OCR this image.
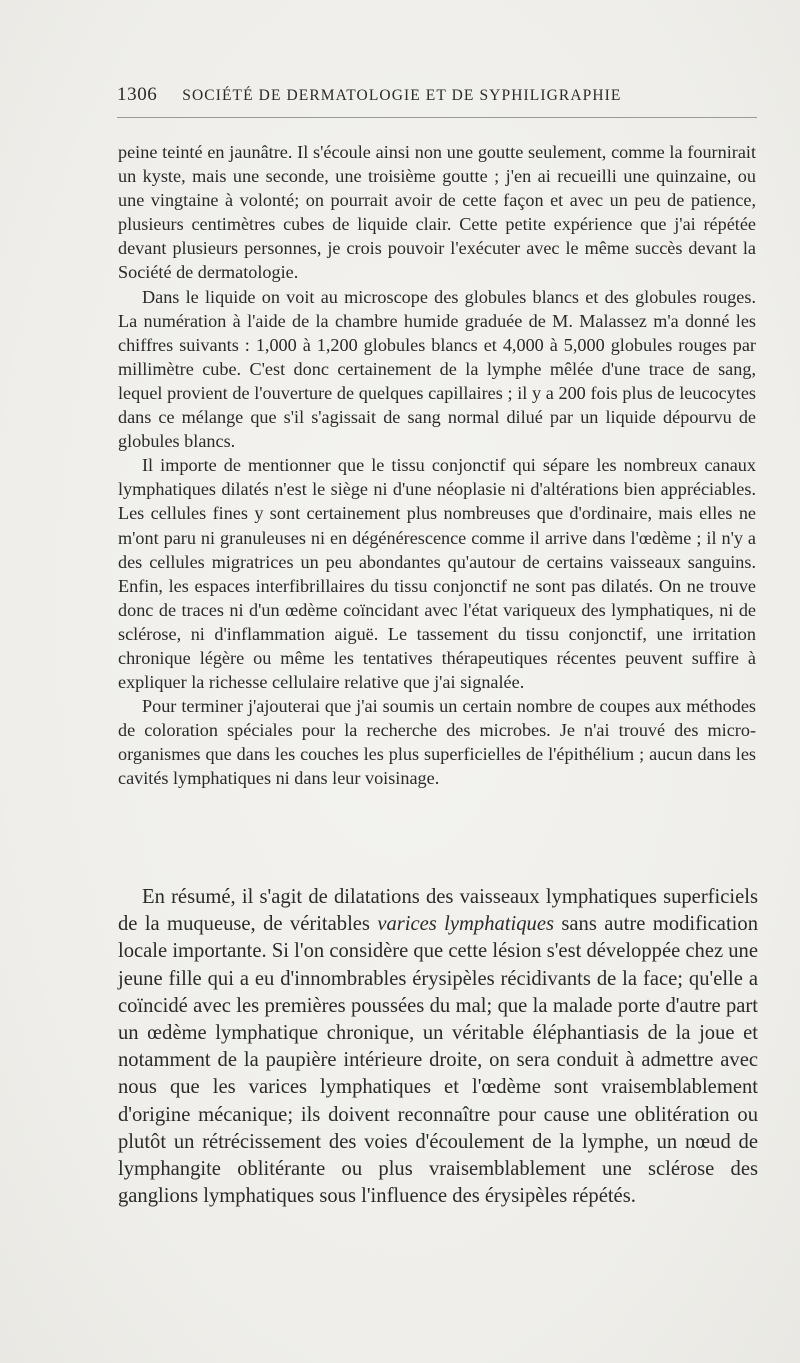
1306 SOCIÉTÉ DE DERMATOLOGIE ET DE SYPHILIGRAPHIE

peine teinté en jaunâtre. Il s'écoule ainsi non une goutte seulement, comme la fournirait un kyste, mais une seconde, une troisième goutte ; j'en ai recueilli une quinzaine, ou une vingtaine à volonté; on pourrait avoir de cette façon et avec un peu de patience, plusieurs centimètres cubes de liquide clair. Cette petite expérience que j'ai répétée devant plusieurs personnes, je crois pouvoir l'exécuter avec le même succès devant la Société de dermatologie.

Dans le liquide on voit au microscope des globules blancs et des globules rouges. La numération à l'aide de la chambre humide graduée de M. Malassez m'a donné les chiffres suivants : 1,000 à 1,200 globules blancs et 4,000 à 5,000 globules rouges par millimètre cube. C'est donc certainement de la lymphe mêlée d'une trace de sang, lequel provient de l'ouverture de quelques capillaires ; il y a 200 fois plus de leucocytes dans ce mélange que s'il s'agissait de sang normal dilué par un liquide dépourvu de globules blancs.

Il importe de mentionner que le tissu conjonctif qui sépare les nombreux canaux lymphatiques dilatés n'est le siège ni d'une néoplasie ni d'altérations bien appréciables. Les cellules fines y sont certainement plus nombreuses que d'ordinaire, mais elles ne m'ont paru ni granuleuses ni en dégénérescence comme il arrive dans l'œdème ; il n'y a des cellules migratrices un peu abondantes qu'autour de certains vaisseaux sanguins. Enfin, les espaces interfibrillaires du tissu conjonctif ne sont pas dilatés. On ne trouve donc de traces ni d'un œdème coïncidant avec l'état variqueux des lymphatiques, ni de sclérose, ni d'inflammation aiguë. Le tassement du tissu conjonctif, une irritation chronique légère ou même les tentatives thérapeutiques récentes peuvent suffire à expliquer la richesse cellulaire relative que j'ai signalée.

Pour terminer j'ajouterai que j'ai soumis un certain nombre de coupes aux méthodes de coloration spéciales pour la recherche des microbes. Je n'ai trouvé des micro-organismes que dans les couches les plus superficielles de l'épithélium ; aucun dans les cavités lymphatiques ni dans leur voisinage.

En résumé, il s'agit de dilatations des vaisseaux lymphatiques superficiels de la muqueuse, de véritables varices lymphatiques sans autre modification locale importante. Si l'on considère que cette lésion s'est développée chez une jeune fille qui a eu d'innombrables érysipèles récidivants de la face; qu'elle a coïncidé avec les premières poussées du mal; que la malade porte d'autre part un œdème lymphatique chronique, un véritable éléphantiasis de la joue et notamment de la paupière intérieure droite, on sera conduit à admettre avec nous que les varices lymphatiques et l'œdème sont vraisemblablement d'origine mécanique; ils doivent reconnaître pour cause une oblitération ou plutôt un rétrécissement des voies d'écoulement de la lymphe, un nœud de lymphangite oblitérante ou plus vraisemblablement une sclérose des ganglions lymphatiques sous l'influence des érysipèles répétés.
